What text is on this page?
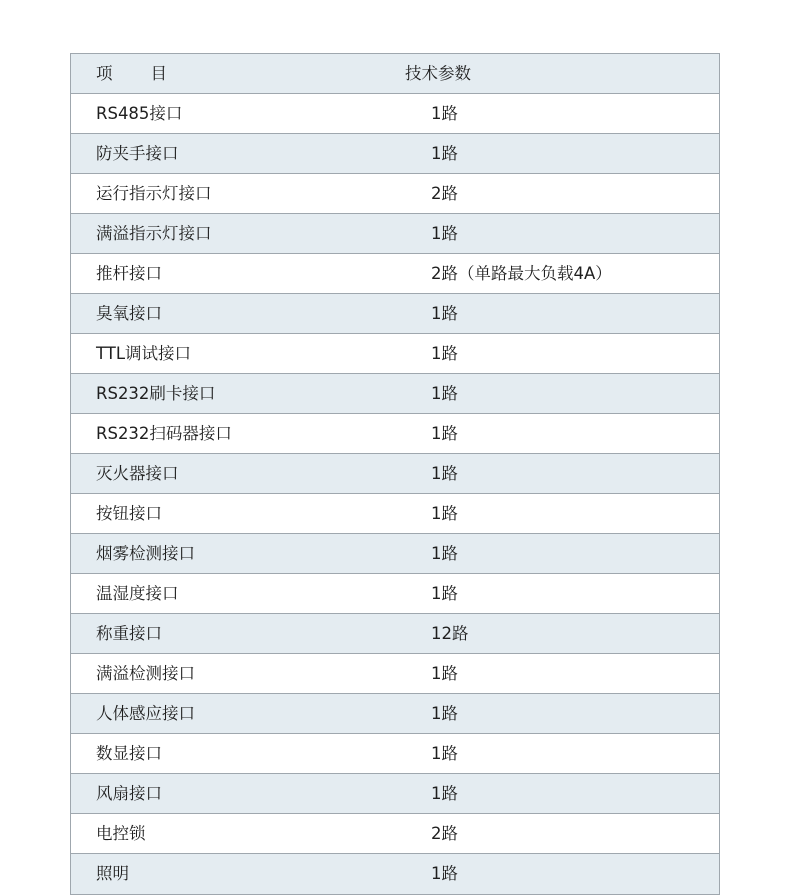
项 目	技术参数
RS485接口	1路
防夹手接口	1路
运行指示灯接口	2路
满溢指示灯接口	1路
推杆接口	2路（单路最大负载4A）
臭氧接口	1路
TTL调试接口	1路
RS232刷卡接口	1路
RS232扫码器接口	1路
灭火器接口	1路
按钮接口	1路
烟雾检测接口	1路
温湿度接口	1路
称重接口	12路
满溢检测接口	1路
人体感应接口	1路
数显接口	1路
风扇接口	1路
电控锁	2路
照明	1路
